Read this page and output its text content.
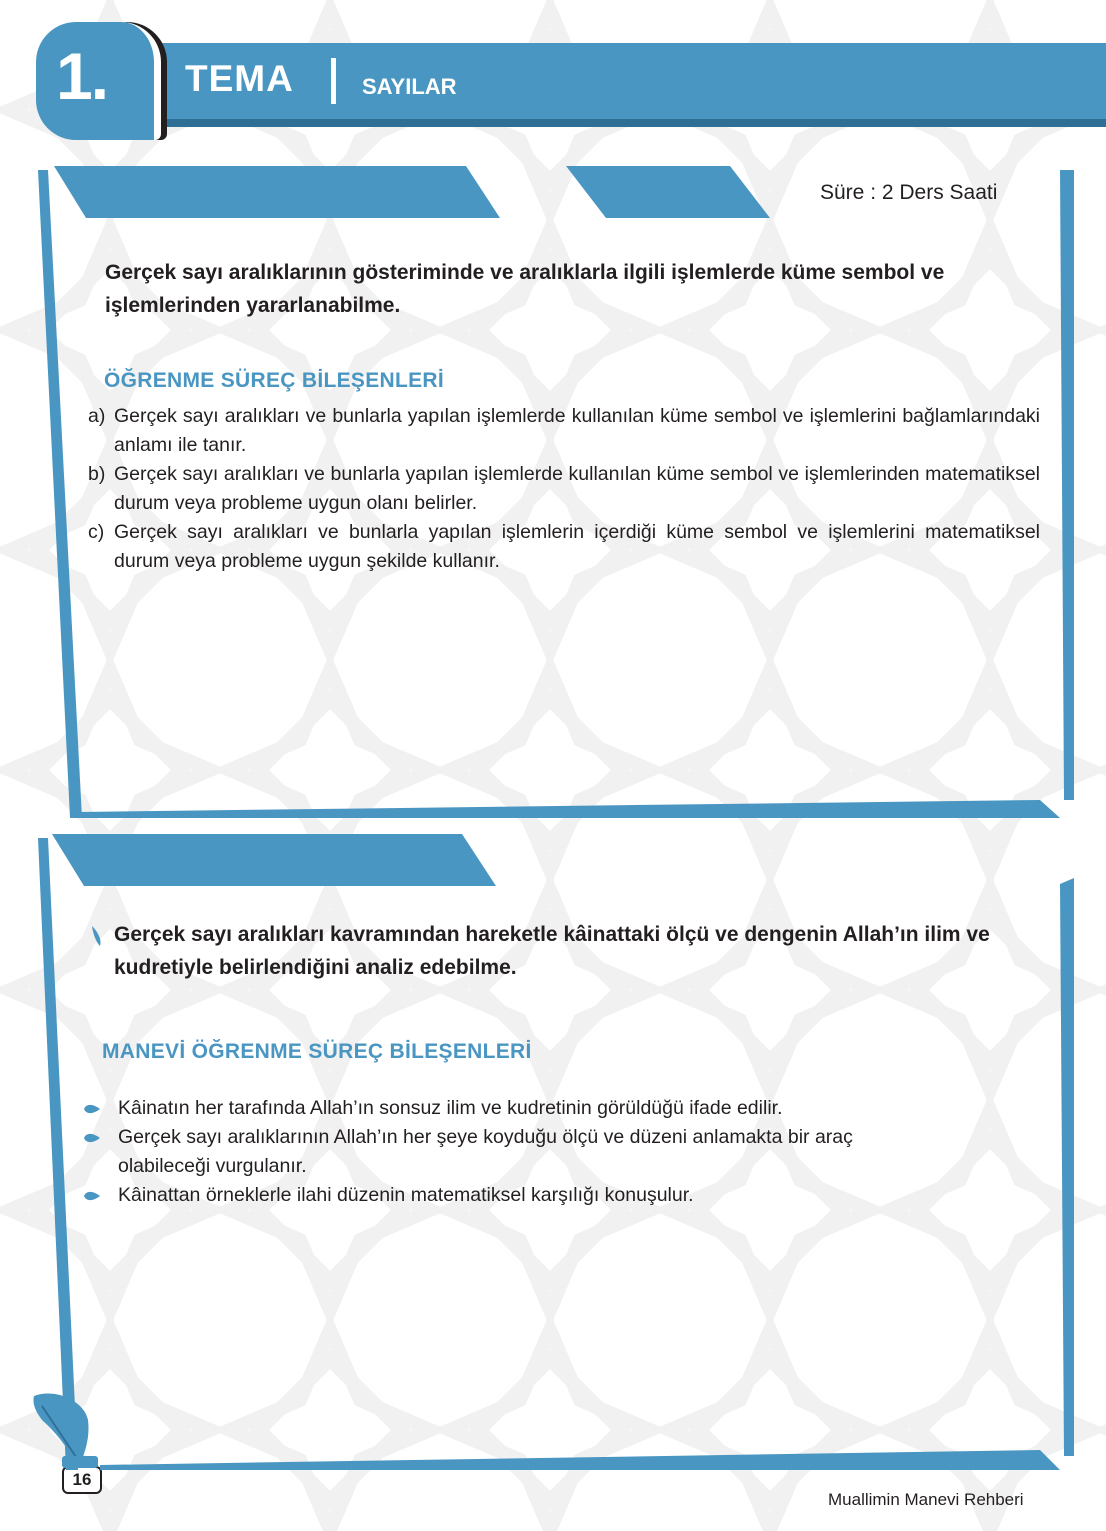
1. TEMA	SAYILAR
Süre : 2 Ders Saati
Gerçek sayı aralıklarının gösteriminde ve aralıklarla ilgili işlemlerde küme sembol ve işlemlerinden yararlanabilme.
ÖĞRENME SÜREÇ BİLEŞENLERİ
a) Gerçek sayı aralıkları ve bunlarla yapılan işlemlerde kullanılan küme sembol ve işlemlerini bağlamlarındaki anlamı ile tanır.
b) Gerçek sayı aralıkları ve bunlarla yapılan işlemlerde kullanılan küme sembol ve işlemlerinden matematiksel durum veya probleme uygun olanı belirler.
c) Gerçek sayı aralıkları ve bunlarla yapılan işlemlerin içerdiği küme sembol ve işlemlerini matematiksel durum veya probleme uygun şekilde kullanır.
Gerçek sayı aralıkları kavramından hareketle kâinattaki ölçü ve dengenin Allah’ın ilim ve kudretiyle belirlendiğini analiz edebilme.
MANEVİ ÖĞRENME SÜREÇ BİLEŞENLERİ
Kâinatın her tarafında Allah’ın sonsuz ilim ve kudretinin görüldüğü ifade edilir.
Gerçek sayı aralıklarının Allah’ın her şeye koyduğu ölçü ve düzeni anlamakta bir araç olabileceği vurgulanır.
Kâinattan örneklerle ilahi düzenin matematiksel karşılığı konuşulur.
16
Muallimin Manevi Rehberi
